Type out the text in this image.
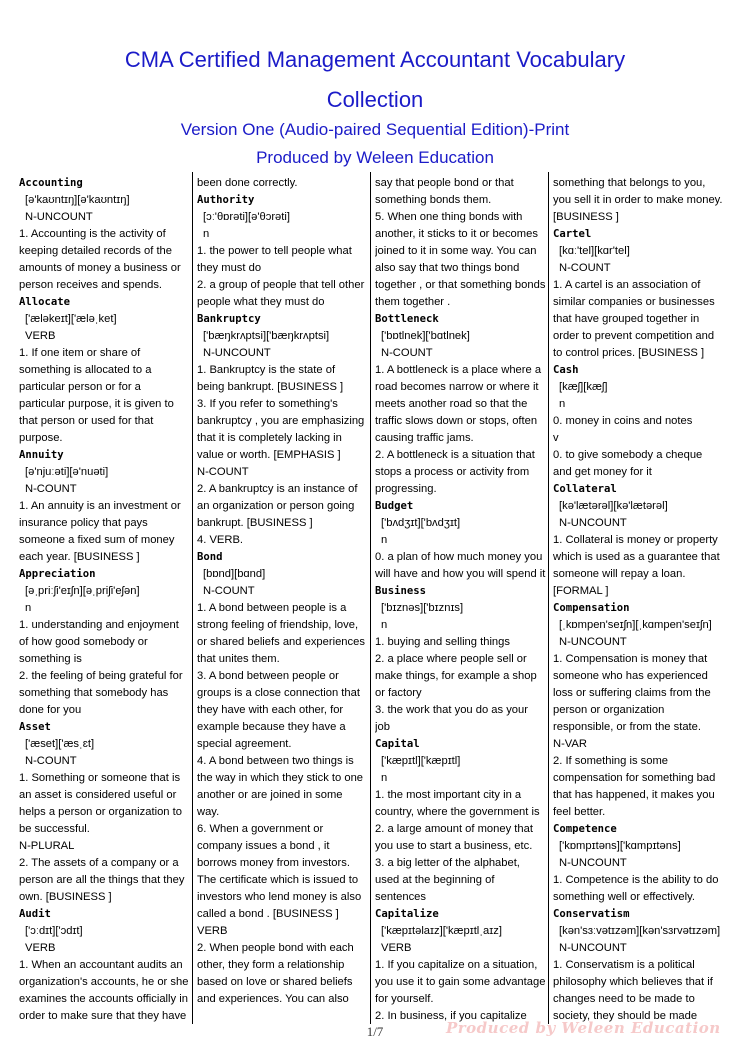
CMA Certified Management Accountant Vocabulary
Collection
Version One (Audio-paired Sequential Edition)-Print
Produced by Weleen Education
Accounting
[ə'kaʊntɪŋ][ə'kaʊntɪŋ]
N-UNCOUNT
1. Accounting is the activity of
keeping detailed records of the
amounts of money a business or
person receives and spends.
Allocate
['æləkeɪt]['æləˌket]
VERB
1. If one item or share of
something is allocated to a
particular person or for a
particular purpose, it is given to
that person or used for that
purpose.
Annuity
[ə'njuːəti][ə'nuəti]
N-COUNT
1. An annuity is an investment or
insurance policy that pays
someone a fixed sum of money
each year. [BUSINESS ]
Appreciation
[əˌpriːʃi'eɪʃn][əˌpriʃi'eʃən]
n
1. understanding and enjoyment
of how good somebody or
something is
2. the feeling of being grateful for
something that somebody has
done for you
Asset
['æset]['æsˌɛt]
N-COUNT
1. Something or someone that is
an asset is considered useful or
helps a person or organization to
be successful.
N-PLURAL
2. The assets of a company or a
person are all the things that they
own. [BUSINESS ]
Audit
['ɔːdɪt]['ɔdɪt]
VERB
1. When an accountant audits an
organization's accounts, he or she
examines the accounts officially in
order to make sure that they have
been done correctly.
Authority
[ɔː'θɒrəti][ə'θɔrəti]
n
1. the power to tell people what
they must do
2. a group of people that tell other
people what they must do
Bankruptcy
['bæŋkrʌptsi]['bæŋkrʌptsi]
N-UNCOUNT
1. Bankruptcy is the state of
being bankrupt. [BUSINESS ]
3. If you refer to something's
bankruptcy , you are emphasizing
that it is completely lacking in
value or worth. [EMPHASIS ]
N-COUNT
2. A bankruptcy is an instance of
an organization or person going
bankrupt. [BUSINESS ]
4. VERB.
Bond
[bɒnd][bɑnd]
N-COUNT
1. A bond between people is a
strong feeling of friendship, love,
or shared beliefs and experiences
that unites them.
3. A bond between people or
groups is a close connection that
they have with each other, for
example because they have a
special agreement.
4. A bond between two things is
the way in which they stick to one
another or are joined in some
way.
6. When a government or
company issues a bond , it
borrows money from investors.
The certificate which is issued to
investors who lend money is also
called a bond . [BUSINESS ]
VERB
2. When people bond with each
other, they form a relationship
based on love or shared beliefs
and experiences. You can also
say that people bond or that
something bonds them.
5. When one thing bonds with
another, it sticks to it or becomes
joined to it in some way. You can
also say that two things bond
together , or that something bonds
them together .
Bottleneck
['bɒtlnek]['bɑtlnek]
N-COUNT
1. A bottleneck is a place where a
road becomes narrow or where it
meets another road so that the
traffic slows down or stops, often
causing traffic jams.
2. A bottleneck is a situation that
stops a process or activity from
progressing.
Budget
['bʌdʒɪt]['bʌdʒɪt]
n
0. a plan of how much money you
will have and how you will spend it
Business
['bɪznəs]['bɪznɪs]
n
1. buying and selling things
2. a place where people sell or
make things, for example a shop
or factory
3. the work that you do as your
job
Capital
['kæpɪtl]['kæpɪtl]
n
1. the most important city in a
country, where the government is
2. a large amount of money that
you use to start a business, etc.
3. a big letter of the alphabet,
used at the beginning of
sentences
Capitalize
['kæpɪtəlaɪz]['kæpɪtlˌaɪz]
VERB
1. If you capitalize on a situation,
you use it to gain some advantage
for yourself.
2. In business, if you capitalize
something that belongs to you,
you sell it in order to make money.
[BUSINESS ]
Cartel
[kɑː'tel][kɑr'tel]
N-COUNT
1. A cartel is an association of
similar companies or businesses
that have grouped together in
order to prevent competition and
to control prices. [BUSINESS ]
Cash
[kæʃ][kæʃ]
n
0. money in coins and notes
v
0. to give somebody a cheque
and get money for it
Collateral
[kə'lætərəl][kə'lætərəl]
N-UNCOUNT
1. Collateral is money or property
which is used as a guarantee that
someone will repay a loan.
[FORMAL ]
Compensation
[ˌkɒmpen'seɪʃn][ˌkɑmpen'seɪʃn]
N-UNCOUNT
1. Compensation is money that
someone who has experienced
loss or suffering claims from the
person or organization
responsible, or from the state.
N-VAR
2. If something is some
compensation for something bad
that has happened, it makes you
feel better.
Competence
['kɒmpɪtəns]['kɑmpɪtəns]
N-UNCOUNT
1. Competence is the ability to do
something well or effectively.
Conservatism
[kən'sɜːvətɪzəm][kən'sɜrvətɪzəm]
N-UNCOUNT
1. Conservatism is a political
philosophy which believes that if
changes need to be made to
society, they should be made
1/7	Produced by Weleen Education
